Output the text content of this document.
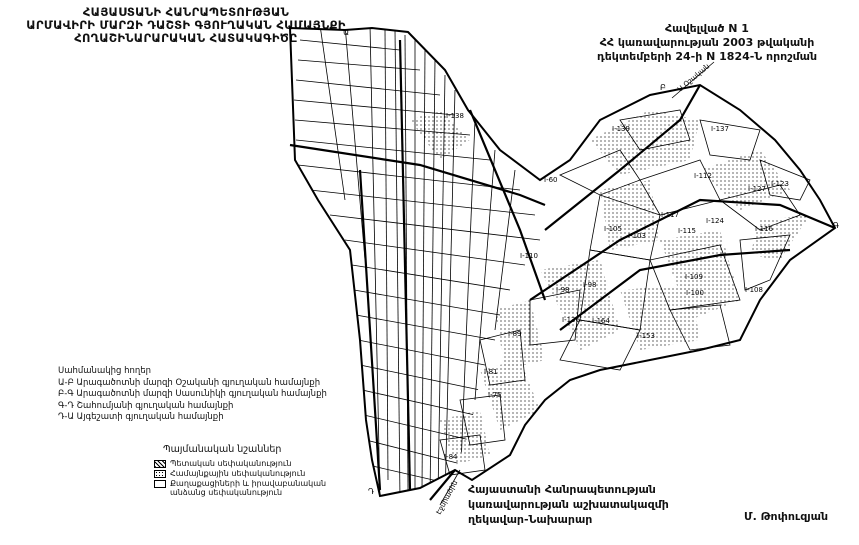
ՀԱՅԱՍՏԱՆԻ ՀԱՆՐԱՊԵՏՈՒԹՅԱՆ
ԱՐՄԱՎԻՐԻ ՄԱՐԶԻ ԴԱՇՏԻ ԳՅՈՒՂԱԿԱՆ ՀԱՄԱՅՆՔԻ
ՀՈՂԱՇԻՆԱՐԱՐԱԿԱՆ ՀԱՏԱԿԱԳԻԾԸ
Հավելված N 1
ՀՀ կառավարության 2003 թվականի
դեկտեմբերի 24-ի N 1824-Ն որոշման
I-138
I-139	I-137
I-112
I-127
I-123
I-117
I-115	I-116
I-105
I-103
I-110
I-109
I-108
I-98
I-164
I-153
I-89
I-81
I-75
I-84
I-98	I-100
I-136
I-60
I-124
Ա
Բ
Գ
Դ
Ա.Օշական
Էջմիածին
Սահմանակից հողեր
Ա-Բ Արագածոտնի մարզի Օշականի գյուղական համայնքի
Բ-Գ Արագածոտնի մարզի Սասունիկի գյուղական համայնքի
Գ-Դ Շահումյանի գյուղական համայնքի
Դ-Ա Այգեշատի գյուղական համայնքի
Պայմանական նշաններ
Պետական սեփականություն
Համայնքային սեփականություն
Քաղաքացիների և իրավաբանական
անձանց սեփականություն	Հայաստանի Հանրապետության
կառավարության աշխատակազմի
ղեկավար-Նախարար	Մ. Թոփուզյան
